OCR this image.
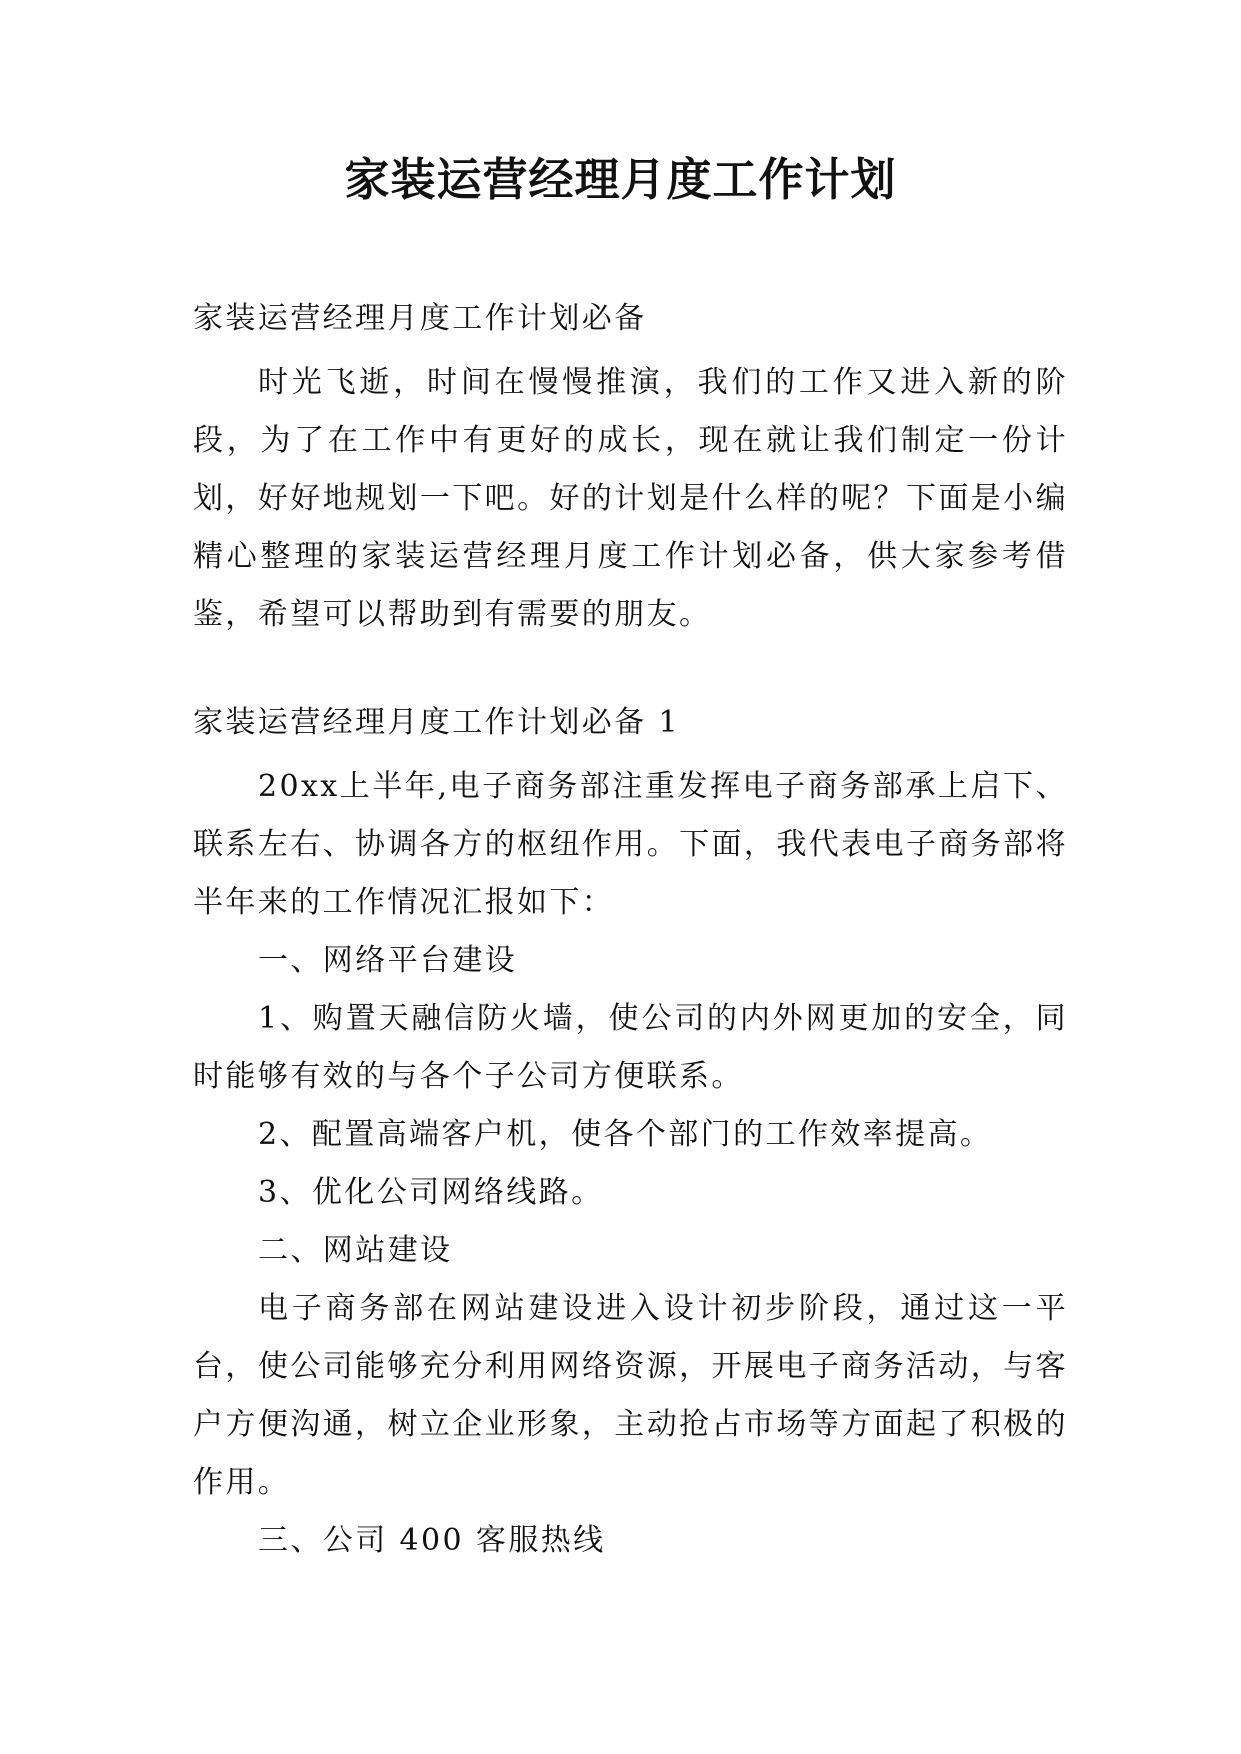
家装运营经理月度工作计划

家装运营经理月度工作计划必备

时光飞逝，时间在慢慢推演，我们的工作又进入新的阶段，为了在工作中有更好的成长，现在就让我们制定一份计划，好好地规划一下吧。好的计划是什么样的呢？下面是小编精心整理的家装运营经理月度工作计划必备，供大家参考借鉴，希望可以帮助到有需要的朋友。

家装运营经理月度工作计划必备 1

20xx上半年,电子商务部注重发挥电子商务部承上启下、联系左右、协调各方的枢纽作用。下面，我代表电子商务部将半年来的工作情况汇报如下：

一、网络平台建设

1、购置天融信防火墙，使公司的内外网更加的安全，同时能够有效的与各个子公司方便联系。

2、配置高端客户机，使各个部门的工作效率提高。

3、优化公司网络线路。

二、网站建设

电子商务部在网站建设进入设计初步阶段，通过这一平台，使公司能够充分利用网络资源，开展电子商务活动，与客户方便沟通，树立企业形象，主动抢占市场等方面起了积极的作用。

三、公司 400 客服热线
